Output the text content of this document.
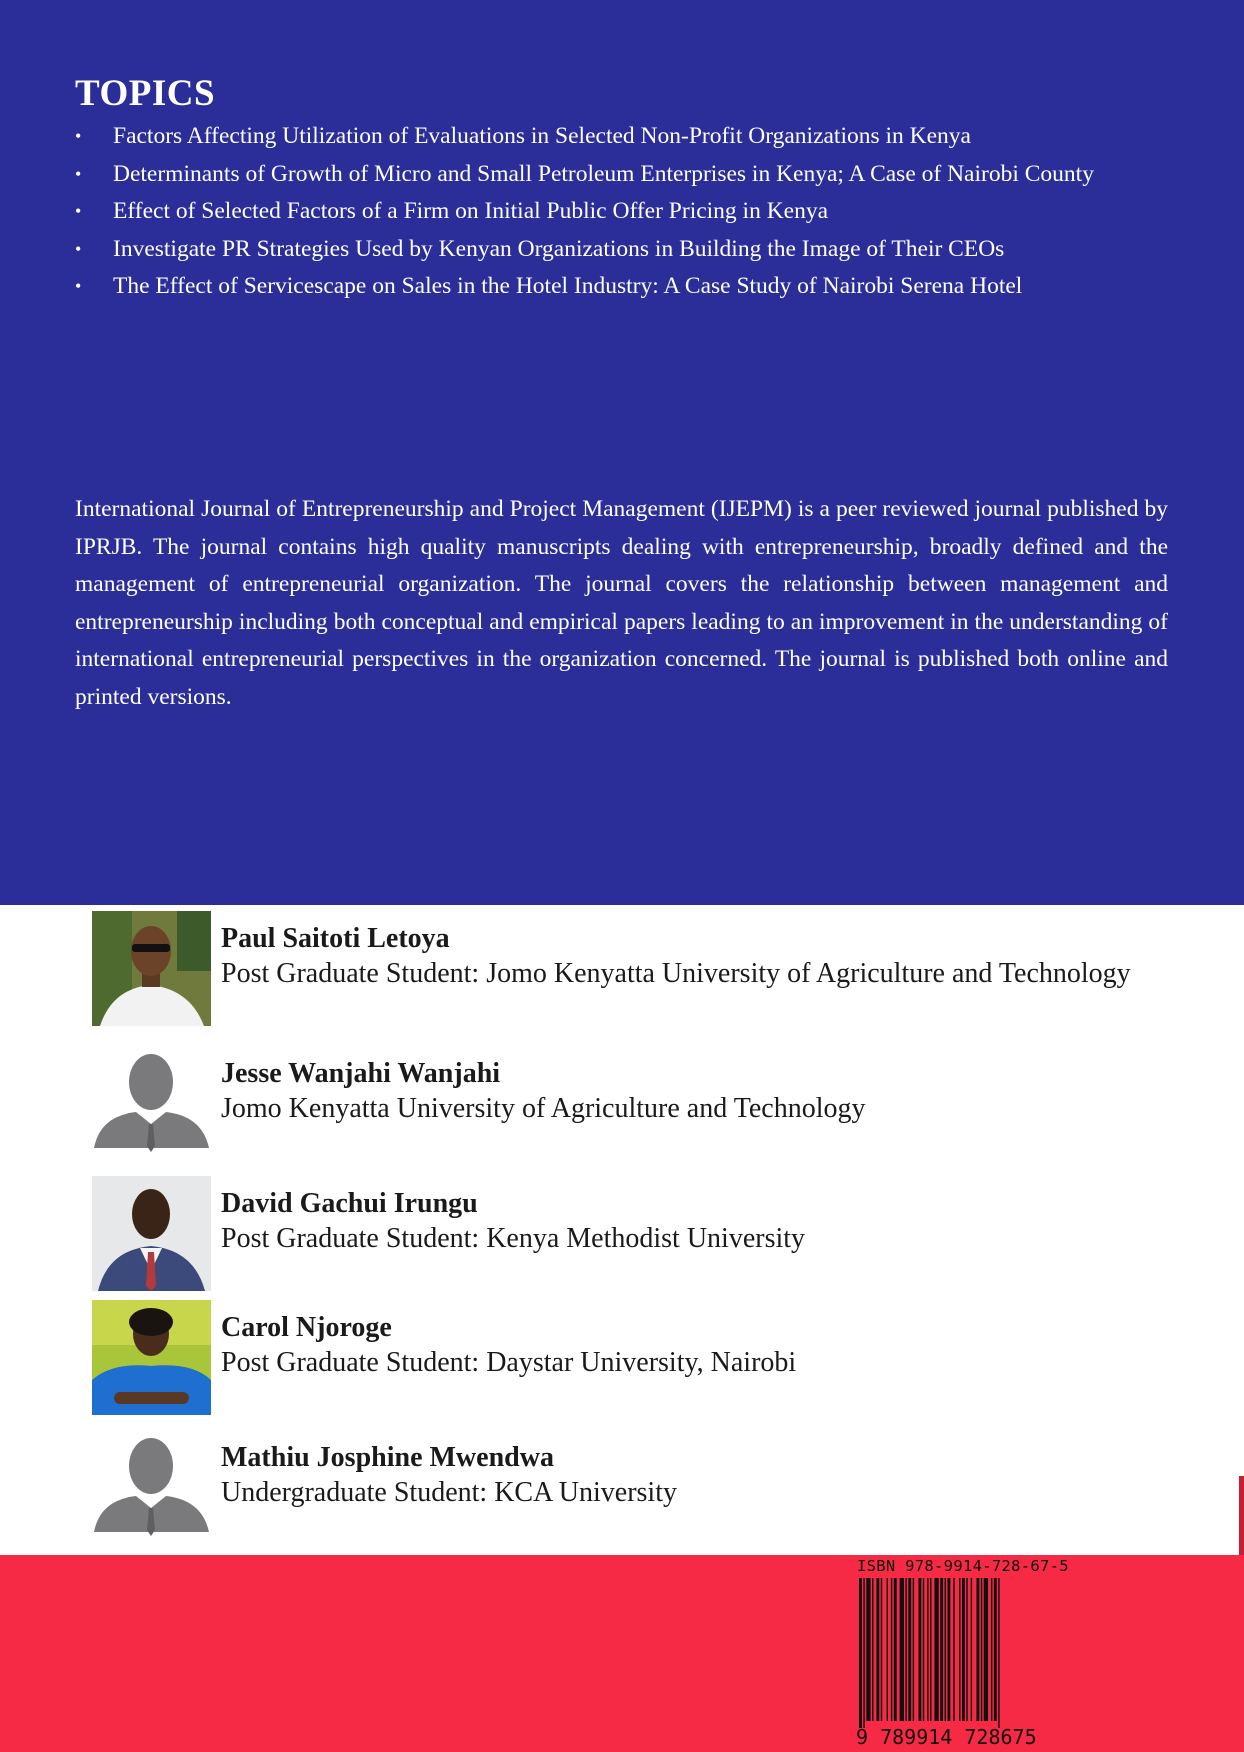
TOPICS
• Factors Affecting Utilization of Evaluations in Selected Non-Profit Organizations in Kenya
• Determinants of Growth of Micro and Small Petroleum Enterprises in Kenya; A Case of Nairobi County
• Effect of Selected Factors of a Firm on Initial Public Offer Pricing in Kenya
• Investigate PR Strategies Used by Kenyan Organizations in Building the Image of Their CEOs
• The Effect of Servicescape on Sales in the Hotel Industry: A Case Study of Nairobi Serena Hotel

International Journal of Entrepreneurship and Project Management (IJEPM) is a peer reviewed journal published by IPRJB. The journal contains high quality manuscripts dealing with entrepreneurship, broadly defined and the management of entrepreneurial organization. The journal covers the relationship between management and entrepreneurship including both conceptual and empirical papers leading to an improvement in the understanding of international entrepreneurial perspectives in the organization concerned. The journal is published both online and printed versions.

Paul Saitoti Letoya
Post Graduate Student: Jomo Kenyatta University of Agriculture and Technology
Jesse Wanjahi Wanjahi
Jomo Kenyatta University of Agriculture and Technology
David Gachui Irungu
Post Graduate Student: Kenya Methodist University
Carol Njoroge
Post Graduate Student: Daystar University, Nairobi
Mathiu Josphine Mwendwa
Undergraduate Student: KCA University

ISBN 978-9914-728-67-5

9 789914 728675
